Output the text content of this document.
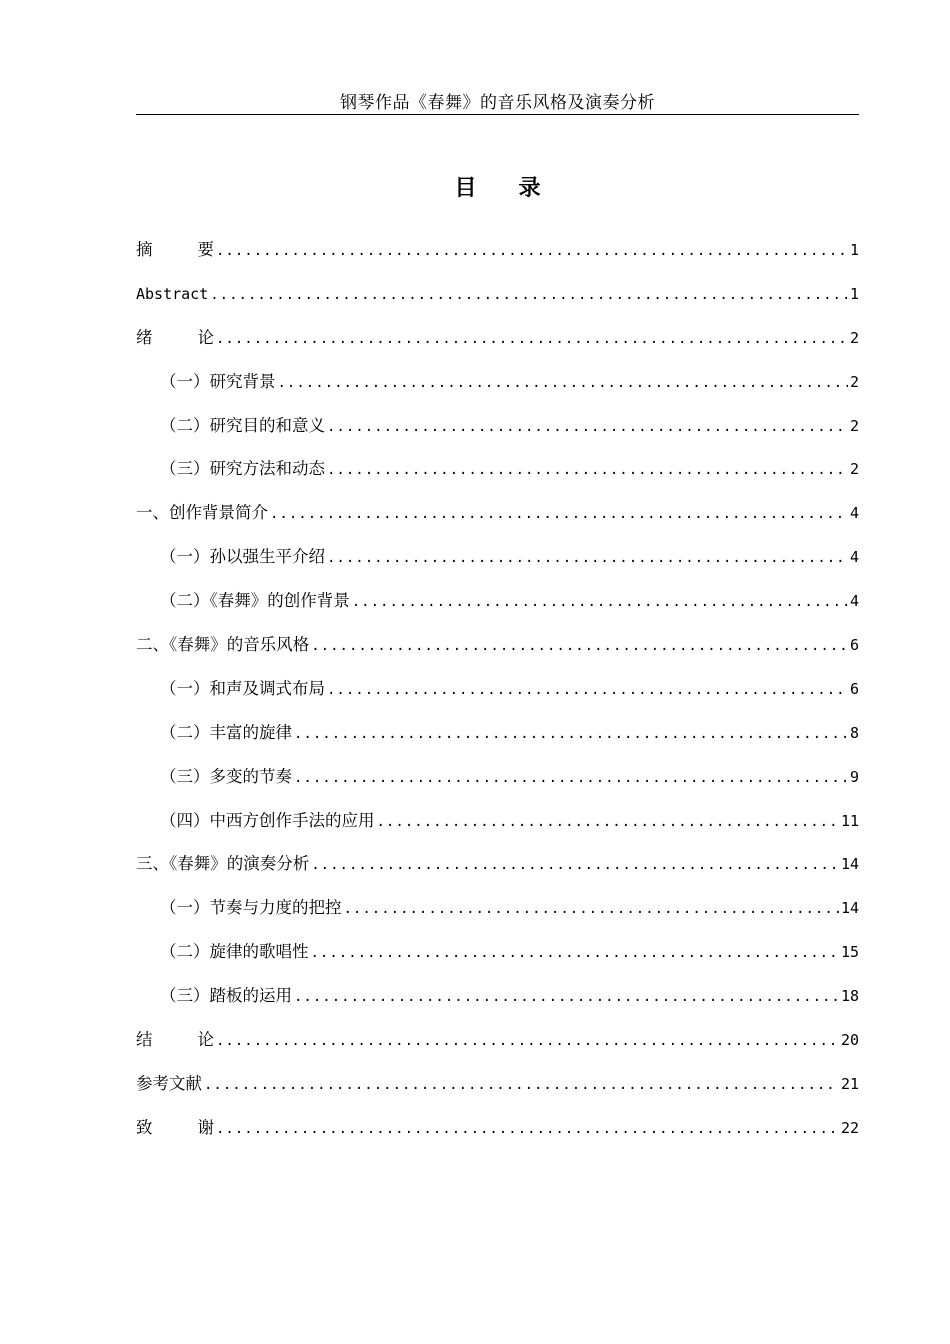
钢琴作品《春舞》的音乐风格及演奏分析
目 录
摘	要 .....	1
Abstract .....	1
绪	论 .....	2
（一）研究背景 .....	2
（二）研究目的和意义 .....	2
（三）研究方法和动态 .....	2
一、创作背景简介 .....	4
（一）孙以强生平介绍 .....	4
（二）《春舞》的创作背景 .....	4
二、《春舞》的音乐风格 .....	6
（一）和声及调式布局 .....	6
（二）丰富的旋律 .....	8
（三）多变的节奏 .....	9
（四）中西方创作手法的应用 .....	11
三、《春舞》的演奏分析 .....	14
（一）节奏与力度的把控 .....	14
（二）旋律的歌唱性 .....	15
（三）踏板的运用 .....	18
结	论 .....	20
参考文献 .....	21
致	谢 .....	22
